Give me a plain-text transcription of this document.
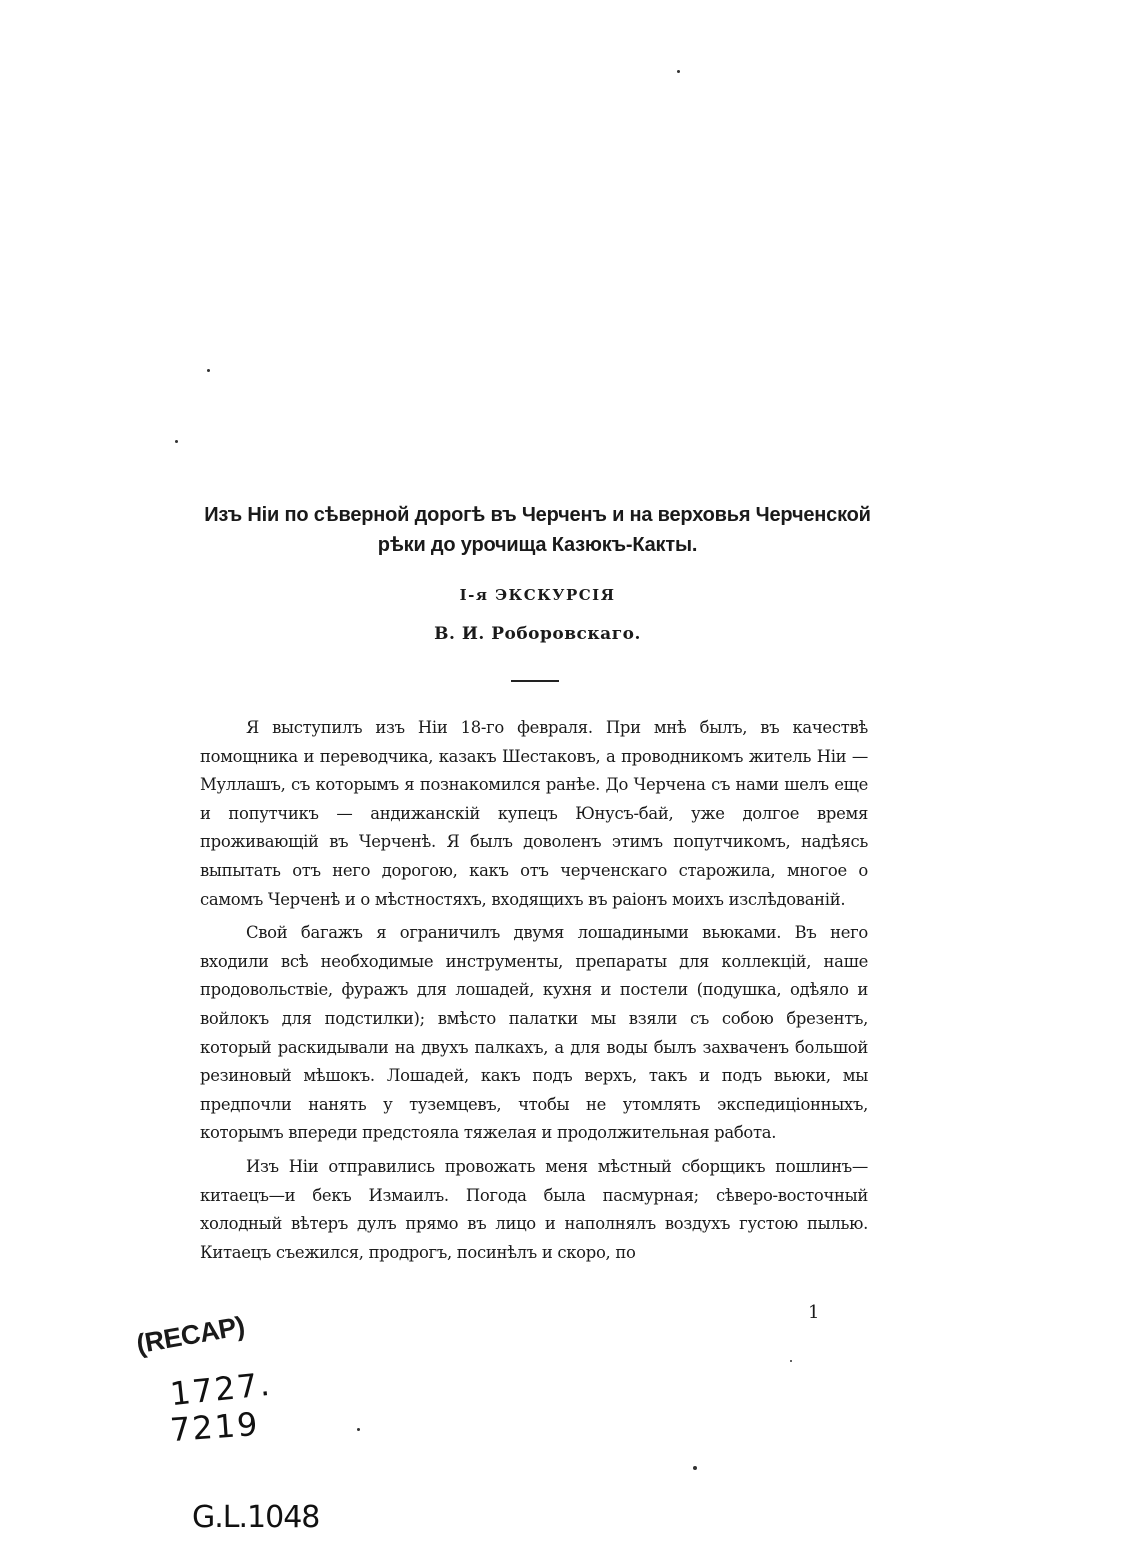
Изъ Ніи по сѣверной дорогѣ въ Черченъ и на верховья Черченской
рѣки до урочища Казюкъ-Какты.
I-я ЭКСКУРСІЯ
В. И. Роборовскаго.

Я выступилъ изъ Ніи 18-го февраля. При мнѣ былъ, въ качествѣ помощника и переводчика, казакъ Шестаковъ, а проводникомъ житель Ніи — Муллашъ, съ которымъ я познакомился ранѣе. До Черчена съ нами шелъ еще и попутчикъ — андижанскій купецъ Юнусъ-бай, уже долгое время проживающій въ Черченѣ. Я былъ доволенъ этимъ попутчикомъ, надѣясь выпытать отъ него дорогою, какъ отъ черченскаго старожила, многое о самомъ Черченѣ и о мѣстностяхъ, входящихъ въ раіонъ моихъ изслѣдованій.

Свой багажъ я ограничилъ двумя лошадиными вьюками. Въ него входили всѣ необходимые инструменты, препараты для коллекцій, наше продовольствіе, фуражъ для лошадей, кухня и постели (подушка, одѣяло и войлокъ для подстилки); вмѣсто палатки мы взяли съ собою брезентъ, который раскидывали на двухъ палкахъ, а для воды былъ захваченъ большой резиновый мѣшокъ. Лошадей, какъ подъ верхъ, такъ и подъ вьюки, мы предпочли нанять у туземцевъ, чтобы не утомлять экспедиціонныхъ, которымъ впереди предстояла тяжелая и продолжительная работа.

Изъ Ніи отправились провожать меня мѣстный сборщикъ пошлинъ—китаецъ—и бекъ Измаилъ. Погода была пасмурная; сѣверо-восточный холодный вѣтеръ дулъ прямо въ лицо и наполнялъ воздухъ густою пылью. Китаецъ съежился, продрогъ, посинѣлъ и скоро, по

1
(RECAP)
1727.
7219
G.L.1048
